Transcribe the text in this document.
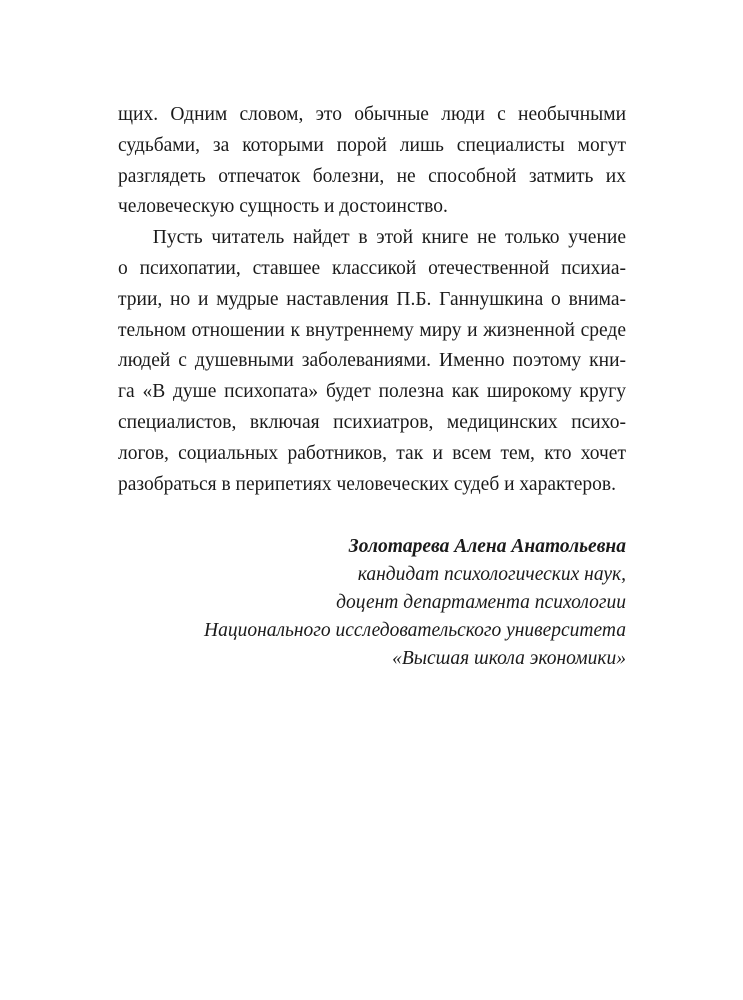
щих. Одним словом, это обычные люди с необычными
судьбами, за которыми порой лишь специалисты могут
разглядеть отпечаток болезни, не способной затмить их
человеческую сущность и достоинство.
Пусть читатель найдет в этой книге не только учение
о психопатии, ставшее классикой отечественной психиа-
трии, но и мудрые наставления П.Б. Ганнушкина о внима-
тельном отношении к внутреннему миру и жизненной среде
людей с душевными заболеваниями. Именно поэтому кни-
га «В душе психопата» будет полезна как широкому кругу
специалистов, включая психиатров, медицинских психо-
логов, социальных работников, так и всем тем, кто хочет
разобраться в перипетиях человеческих судеб и характеров.
Золотарева Алена Анатольевна
кандидат психологических наук,
доцент департамента психологии
Национального исследовательского университета
«Высшая школа экономики»
